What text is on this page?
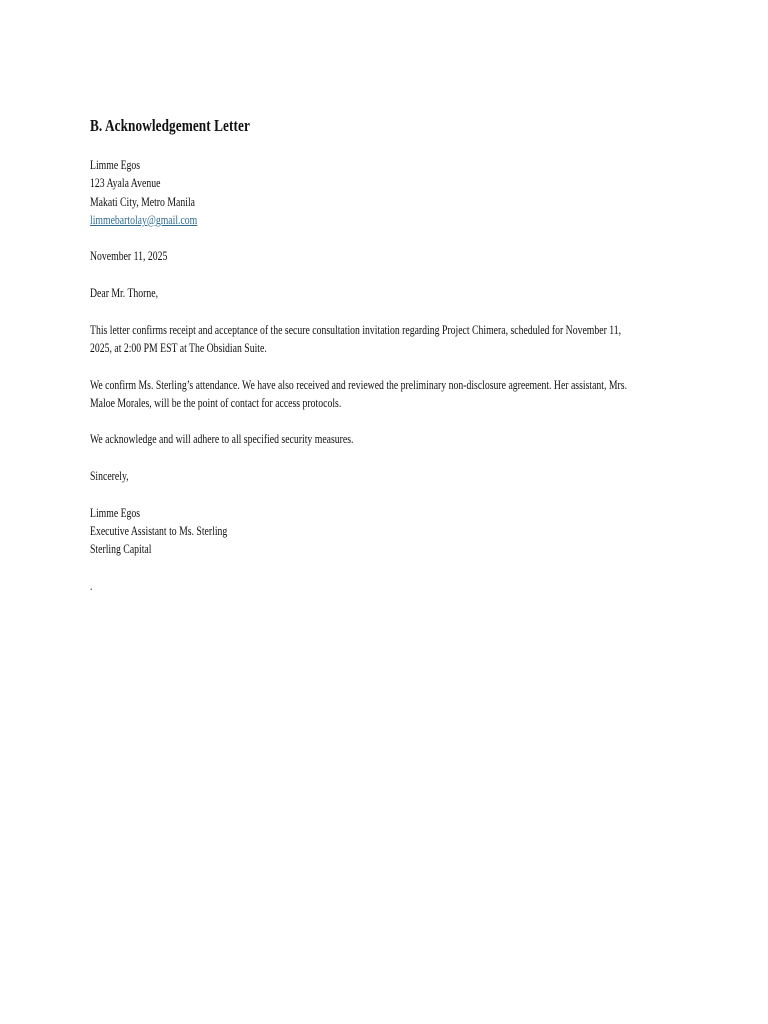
B. Acknowledgement Letter
Limme Egos
123 Ayala Avenue
Makati City, Metro Manila
limmebartolay@gmail.com
November 11, 2025
Dear Mr. Thorne,
This letter confirms receipt and acceptance of the secure consultation invitation regarding Project Chimera, scheduled for November 11,
2025, at 2:00 PM EST at The Obsidian Suite.
We confirm Ms. Sterling’s attendance. We have also received and reviewed the preliminary non-disclosure agreement. Her assistant, Mrs.
Maloe Morales, will be the point of contact for access protocols.
We acknowledge and will adhere to all specified security measures.
Sincerely,
Limme Egos
Executive Assistant to Ms. Sterling
Sterling Capital
.
